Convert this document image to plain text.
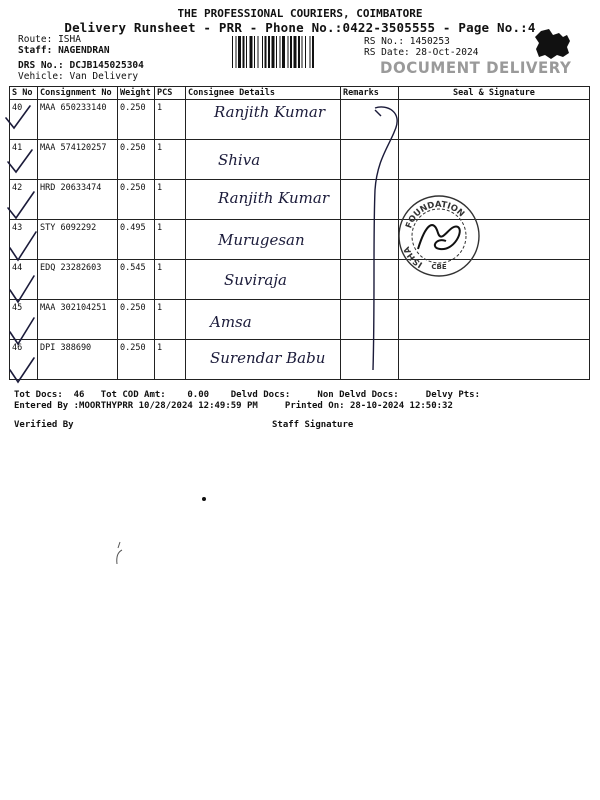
THE PROFESSIONAL COURIERS, COIMBATORE
Delivery Runsheet - PRR - Phone No.:0422-3505555 - Page No.:4
Route: ISHA
Staff: NAGENDRAN
DRS No.: DCJB145025304
Vehicle: Van Delivery
RS No.: 1450253
RS Date: 28-Oct-2024
DOCUMENT DELIVERY
S No	Consignment No	Weight	PCS	Consignee Details	Remarks	Seal & Signature
40	MAA 650233140	0.250	1	Ranjith Kumar		
41	MAA 574120257	0.250	1	Shiva		
42	HRD 20633474	0.250	1	Ranjith Kumar		
43	STY 6092292	0.495	1	Murugesan		
44	EDQ 23282603	0.545	1	Suviraja		
45	MAA 302104251	0.250	1	Amsa		
46	DPI 388690	0.250	1	Surendar Babu		
FOUNDATION
ISHA
CBE
Tot Docs:  46   Tot COD Amt:    0.00    Delvd Docs:     Non Delvd Docs:     Delvy Pts:
Entered By :MOORTHYPRR 10/28/2024 12:49:59 PM     Printed On: 28-10-2024 12:50:32
Verified By	Staff Signature
